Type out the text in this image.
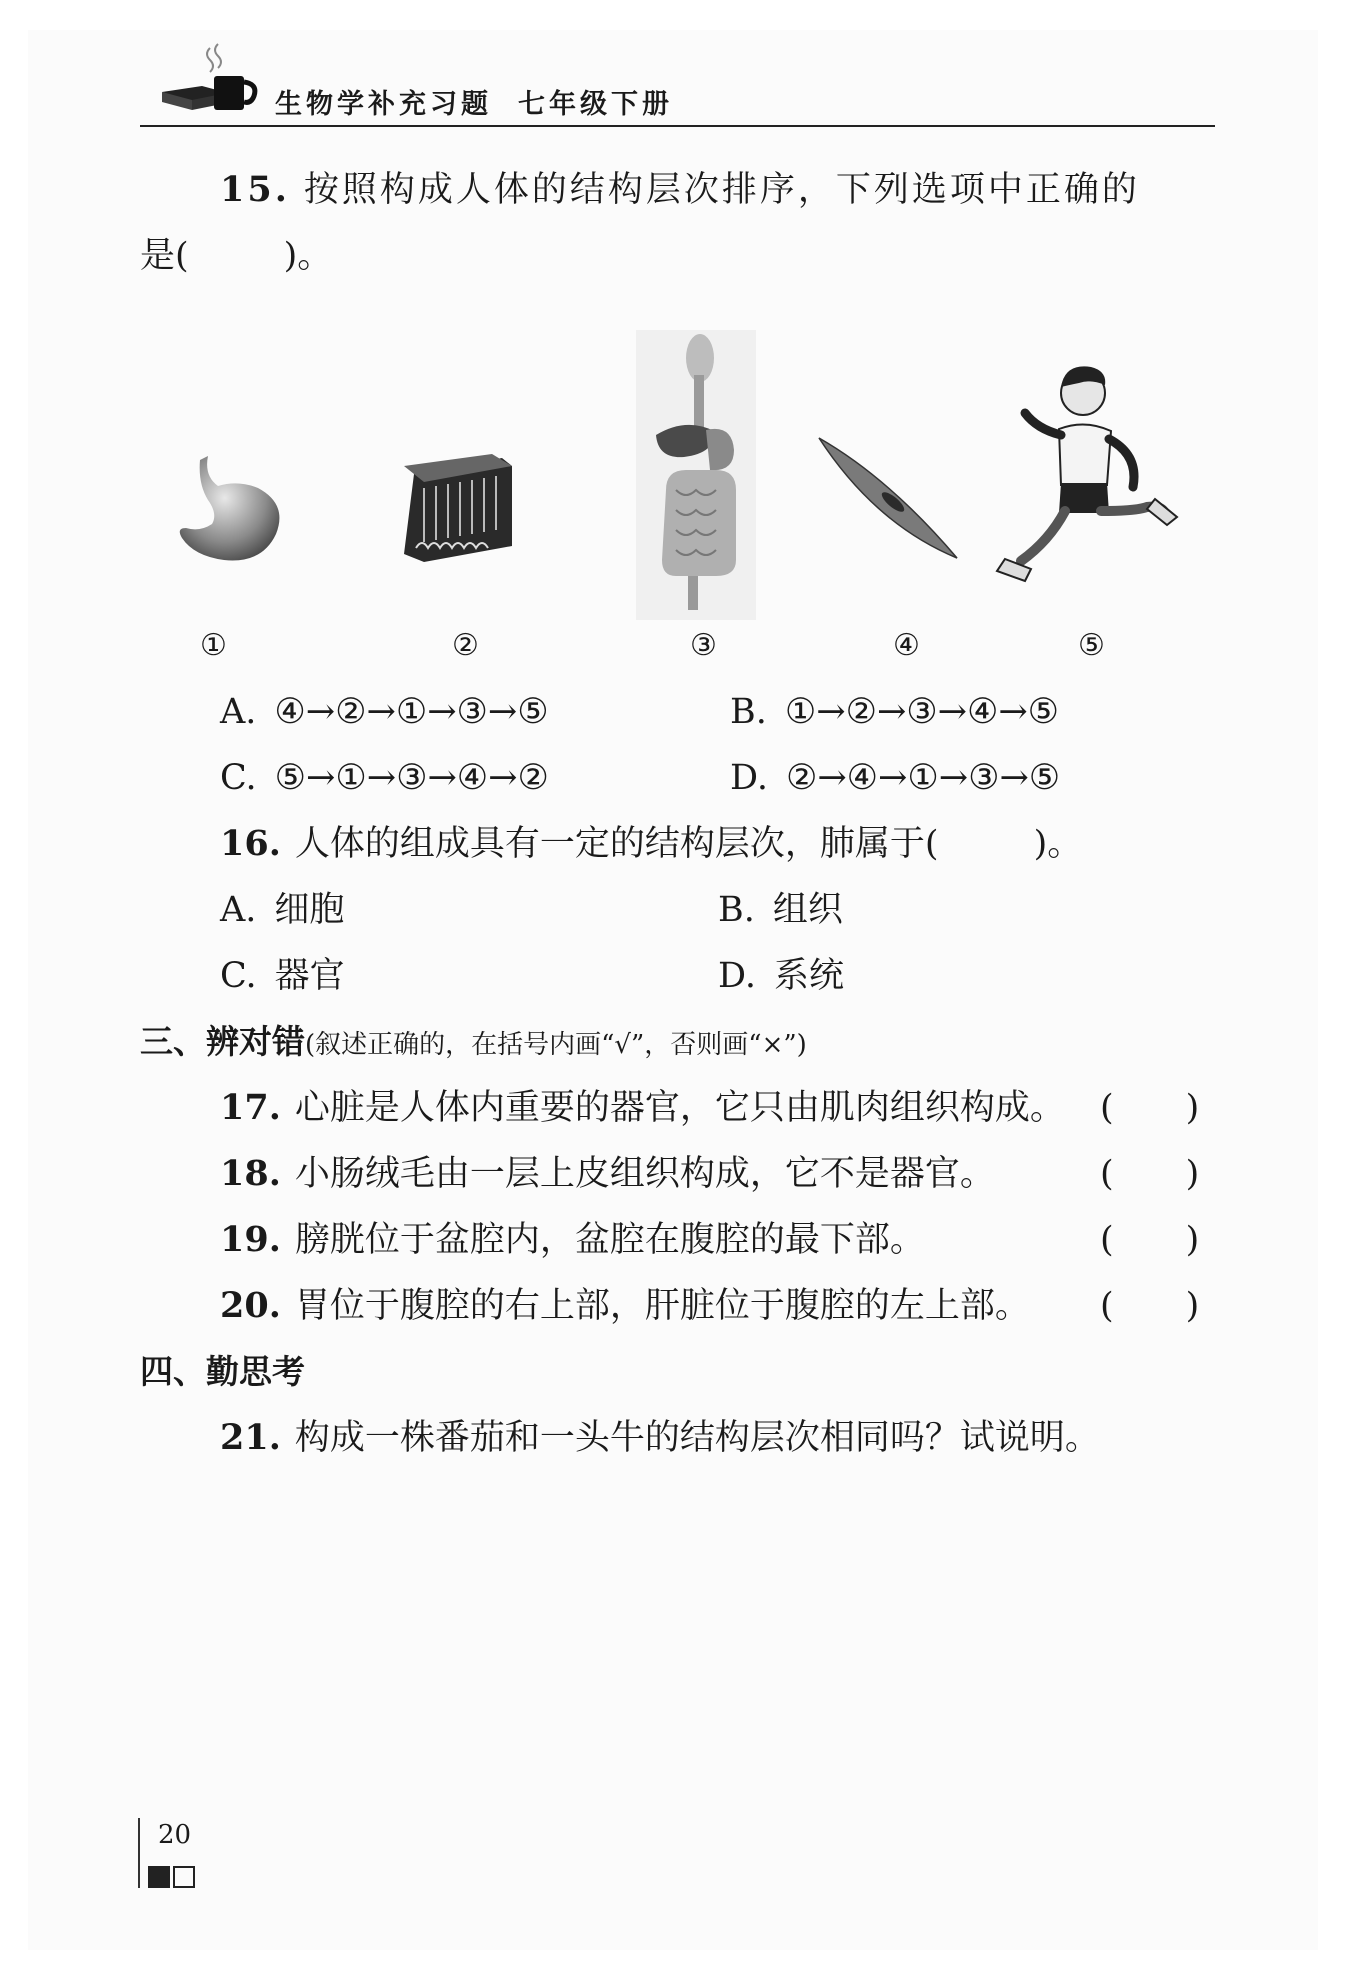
生物学补充习题 七年级下册
15. 按照构成人体的结构层次排序，下列选项中正确的
是(	)。
①	②	③	④	⑤
A. ④→②→①→③→⑤	B. ①→②→③→④→⑤
C. ⑤→①→③→④→②	D. ②→④→①→③→⑤
16. 人体的组成具有一定的结构层次，肺属于(	)。
A. 细胞	B. 组织
C. 器官	D. 系统
三、辨对错(叙述正确的，在括号内画“√”，否则画“×”)
17. 心脏是人体内重要的器官，它只由肌肉组织构成。 ( )
18. 小肠绒毛由一层上皮组织构成，它不是器官。	( )
19. 膀胱位于盆腔内，盆腔在腹腔的最下部。	( )
20. 胃位于腹腔的右上部，肝脏位于腹腔的左上部。 ( )
四、勤思考
21. 构成一株番茄和一头牛的结构层次相同吗？试说明。
20
